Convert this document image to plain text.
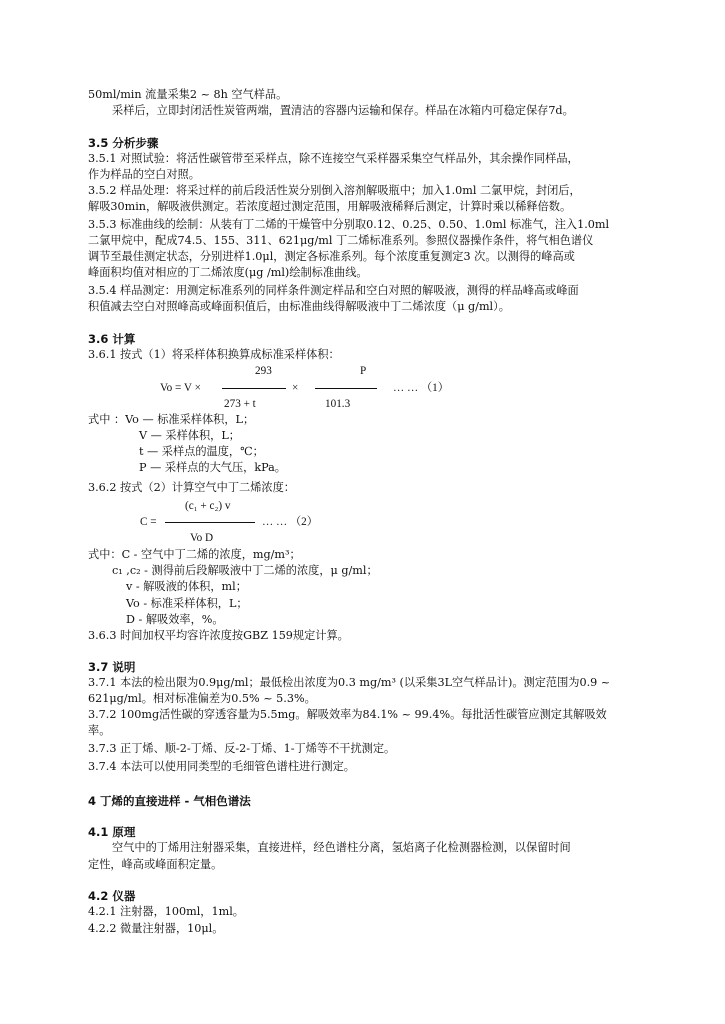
50ml/min 流量采集2 ~ 8h 空气样品。
采样后，立即封闭活性炭管两端，置清洁的容器内运输和保存。样品在冰箱内可稳定保存7d。
3.5 分析步骤
3.5.1 对照试验：将活性碳管带至采样点，除不连接空气采样器采集空气样品外，其余操作同样品，
作为样品的空白对照。
3.5.2 样品处理：将采过样的前后段活性炭分别倒入溶剂解吸瓶中；加入1.0ml 二氯甲烷，封闭后，
解吸30min，解吸液供测定。若浓度超过测定范围，用解吸液稀释后测定，计算时乘以稀释倍数。
3.5.3 标准曲线的绘制：从装有丁二烯的干燥管中分别取0.12、0.25、0.50、1.0ml 标准气，注入1.0ml
二氯甲烷中，配成74.5、155、311、621μg/ml 丁二烯标准系列。参照仪器操作条件，将气相色谱仪
调节至最佳测定状态，分别进样1.0μl，测定各标准系列。每个浓度重复测定3 次。以测得的峰高或
峰面积均值对相应的丁二烯浓度(μg /ml)绘制标准曲线。
3.5.4 样品测定：用测定标准系列的同样条件测定样品和空白对照的解吸液，测得的样品峰高或峰面
积值减去空白对照峰高或峰面积值后，由标准曲线得解吸液中丁二烯浓度（μ g/ml）。
3.6 计算
3.6.1 按式（1）将采样体积换算成标准采样体积：
293	P
Vo = V ×	×	… … （1）
273 + t	101.3
式中 ：Vo — 标准采样体积，L；
V — 采样体积，L；
t — 采样点的温度，℃；
P — 采样点的大气压，kPa。
3.6.2 按式（2）计算空气中丁二烯浓度：
(c₁ + c₂) v
C =	… … （2）
Vo D
式中：C - 空气中丁二烯的浓度，mg/m³；
c₁ ,c₂ - 测得前后段解吸液中丁二烯的浓度，μ g/ml；
v - 解吸液的体积，ml；
Vo - 标准采样体积，L；
D - 解吸效率，%。
3.6.3 时间加权平均容许浓度按GBZ 159规定计算。
3.7 说明
3.7.1 本法的检出限为0.9μg/ml；最低检出浓度为0.3 mg/m³ (以采集3L空气样品计)。测定范围为0.9 ~
621μg/ml。相对标准偏差为0.5% ~ 5.3%。
3.7.2 100mg活性碳的穿透容量为5.5mg。解吸效率为84.1% ~ 99.4%。每批活性碳管应测定其解吸效
率。
3.7.3 正丁烯、顺-2-丁烯、反-2-丁烯、1-丁烯等不干扰测定。
3.7.4 本法可以使用同类型的毛细管色谱柱进行测定。
4 丁烯的直接进样 - 气相色谱法
4.1 原理
空气中的丁烯用注射器采集，直接进样，经色谱柱分离，氢焰离子化检测器检测，以保留时间
定性，峰高或峰面积定量。
4.2 仪器
4.2.1 注射器，100ml，1ml。
4.2.2 微量注射器，10μl。
